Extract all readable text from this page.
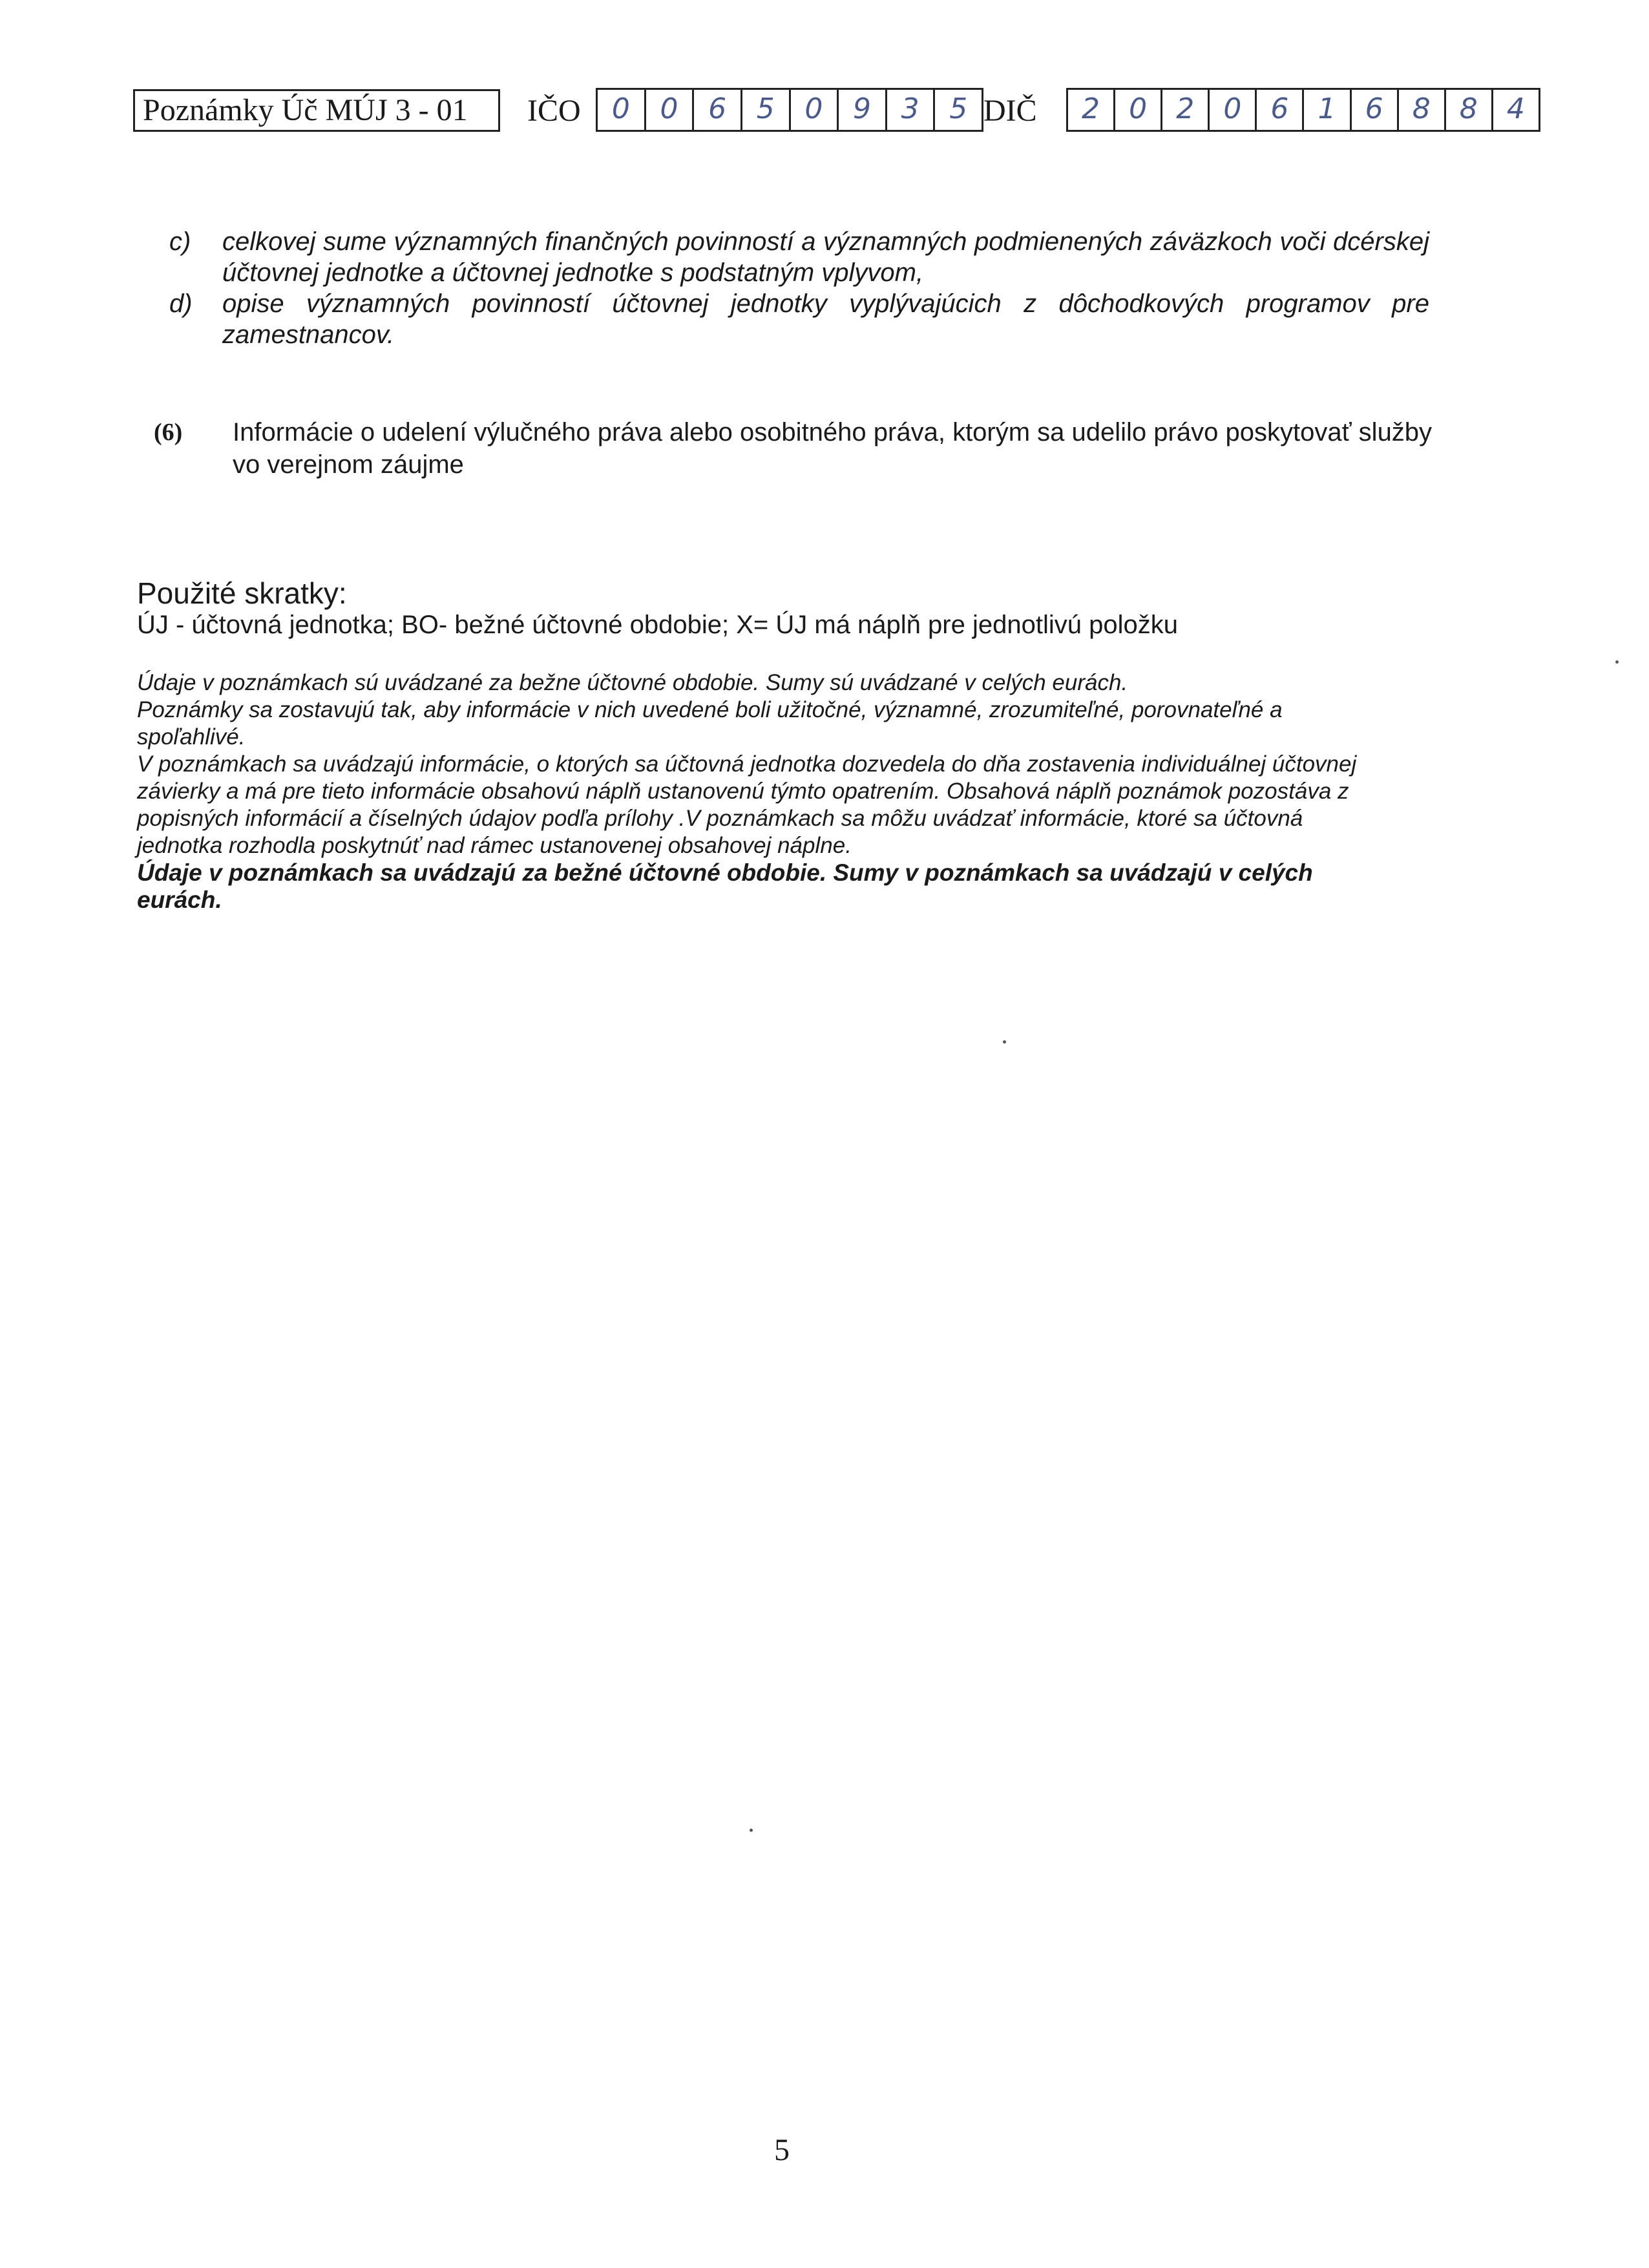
Poznámky Úč MÚJ 3 - 01	IČO	0	0	6	5	0	9	3	5 DIČ	2	0	2	0	6	1	6	8	8	4
c)	celkovej sume významných finančných povinností a významných podmienených záväzkoch voči dcérskej účtovnej jednotke a účtovnej jednotke s podstatným vplyvom,
d)	opise významných povinností účtovnej jednotky vyplývajúcich z dôchodkových programov pre zamestnancov.
(6)	Informácie o udelení výlučného práva alebo osobitného práva, ktorým sa udelilo právo poskytovať služby vo verejnom záujme
Použité skratky:
ÚJ - účtovná jednotka; BO- bežné účtovné obdobie; X= ÚJ má náplň pre jednotlivú položku

Údaje v poznámkach sú uvádzané za bežne účtovné obdobie. Sumy sú uvádzané v celých eurách.

Poznámky sa zostavujú tak, aby informácie v nich uvedené boli užitočné, významné, zrozumiteľné, porovnateľné a spoľahlivé.

V poznámkach sa uvádzajú informácie, o ktorých sa účtovná jednotka dozvedela do dňa zostavenia individuálnej účtovnej závierky a má pre tieto informácie obsahovú náplň ustanovenú týmto opatrením. Obsahová náplň poznámok pozostáva z popisných informácií a číselných údajov podľa prílohy .V poznámkach sa môžu uvádzať informácie, ktoré sa účtovná jednotka rozhodla poskytnúť nad rámec ustanovenej obsahovej náplne.

Údaje v poznámkach sa uvádzajú za bežné účtovné obdobie. Sumy v poznámkach sa uvádzajú v celých eurách.

5
